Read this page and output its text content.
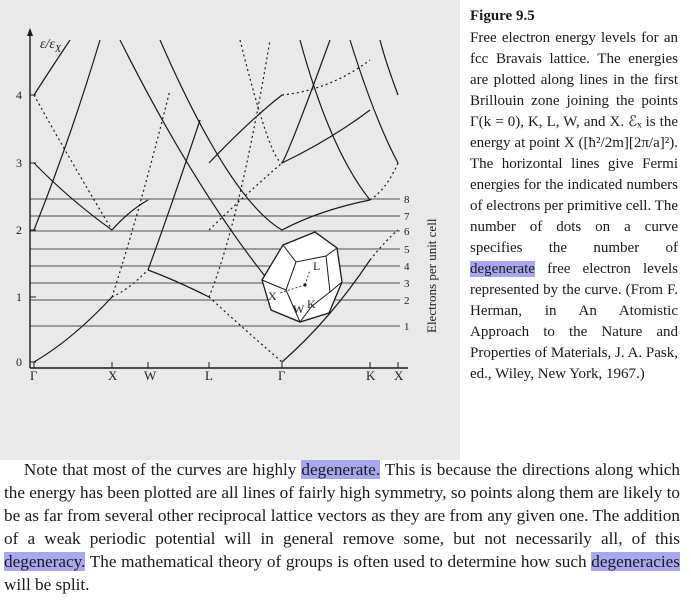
$\varepsilon/\varepsilon_X$
0
1
2
3
4
Γ	X W	L	Γ	K X
1
2
3
4
5
6
7
8
Electrons per unit cell
L
X
W K
Figure 9.5
Free electron energy levels for an fcc Bravais lattice. The energies are plotted along lines in the first Brillouin zone joining the points Γ(k = 0), K, L, W, and X. ℰₓ is the energy at point X ([ħ²/2m][2π/a]²). The horizontal lines give Fermi energies for the indicated numbers of electrons per primitive cell. The number of dots on a curve specifies the number of degenerate free electron levels represented by the curve. (From F. Herman, in An Atomistic Approach to the Nature and Properties of Materials, J. A. Pask, ed., Wiley, New York, 1967.)
Note that most of the curves are highly degenerate. This is because the directions along which the energy has been plotted are all lines of fairly high symmetry, so points along them are likely to be as far from several other reciprocal lattice vectors as they are from any given one. The addition of a weak periodic potential will in general remove some, but not necessarily all, of this degeneracy. The mathematical theory of groups is often used to determine how such degeneracies will be split.
